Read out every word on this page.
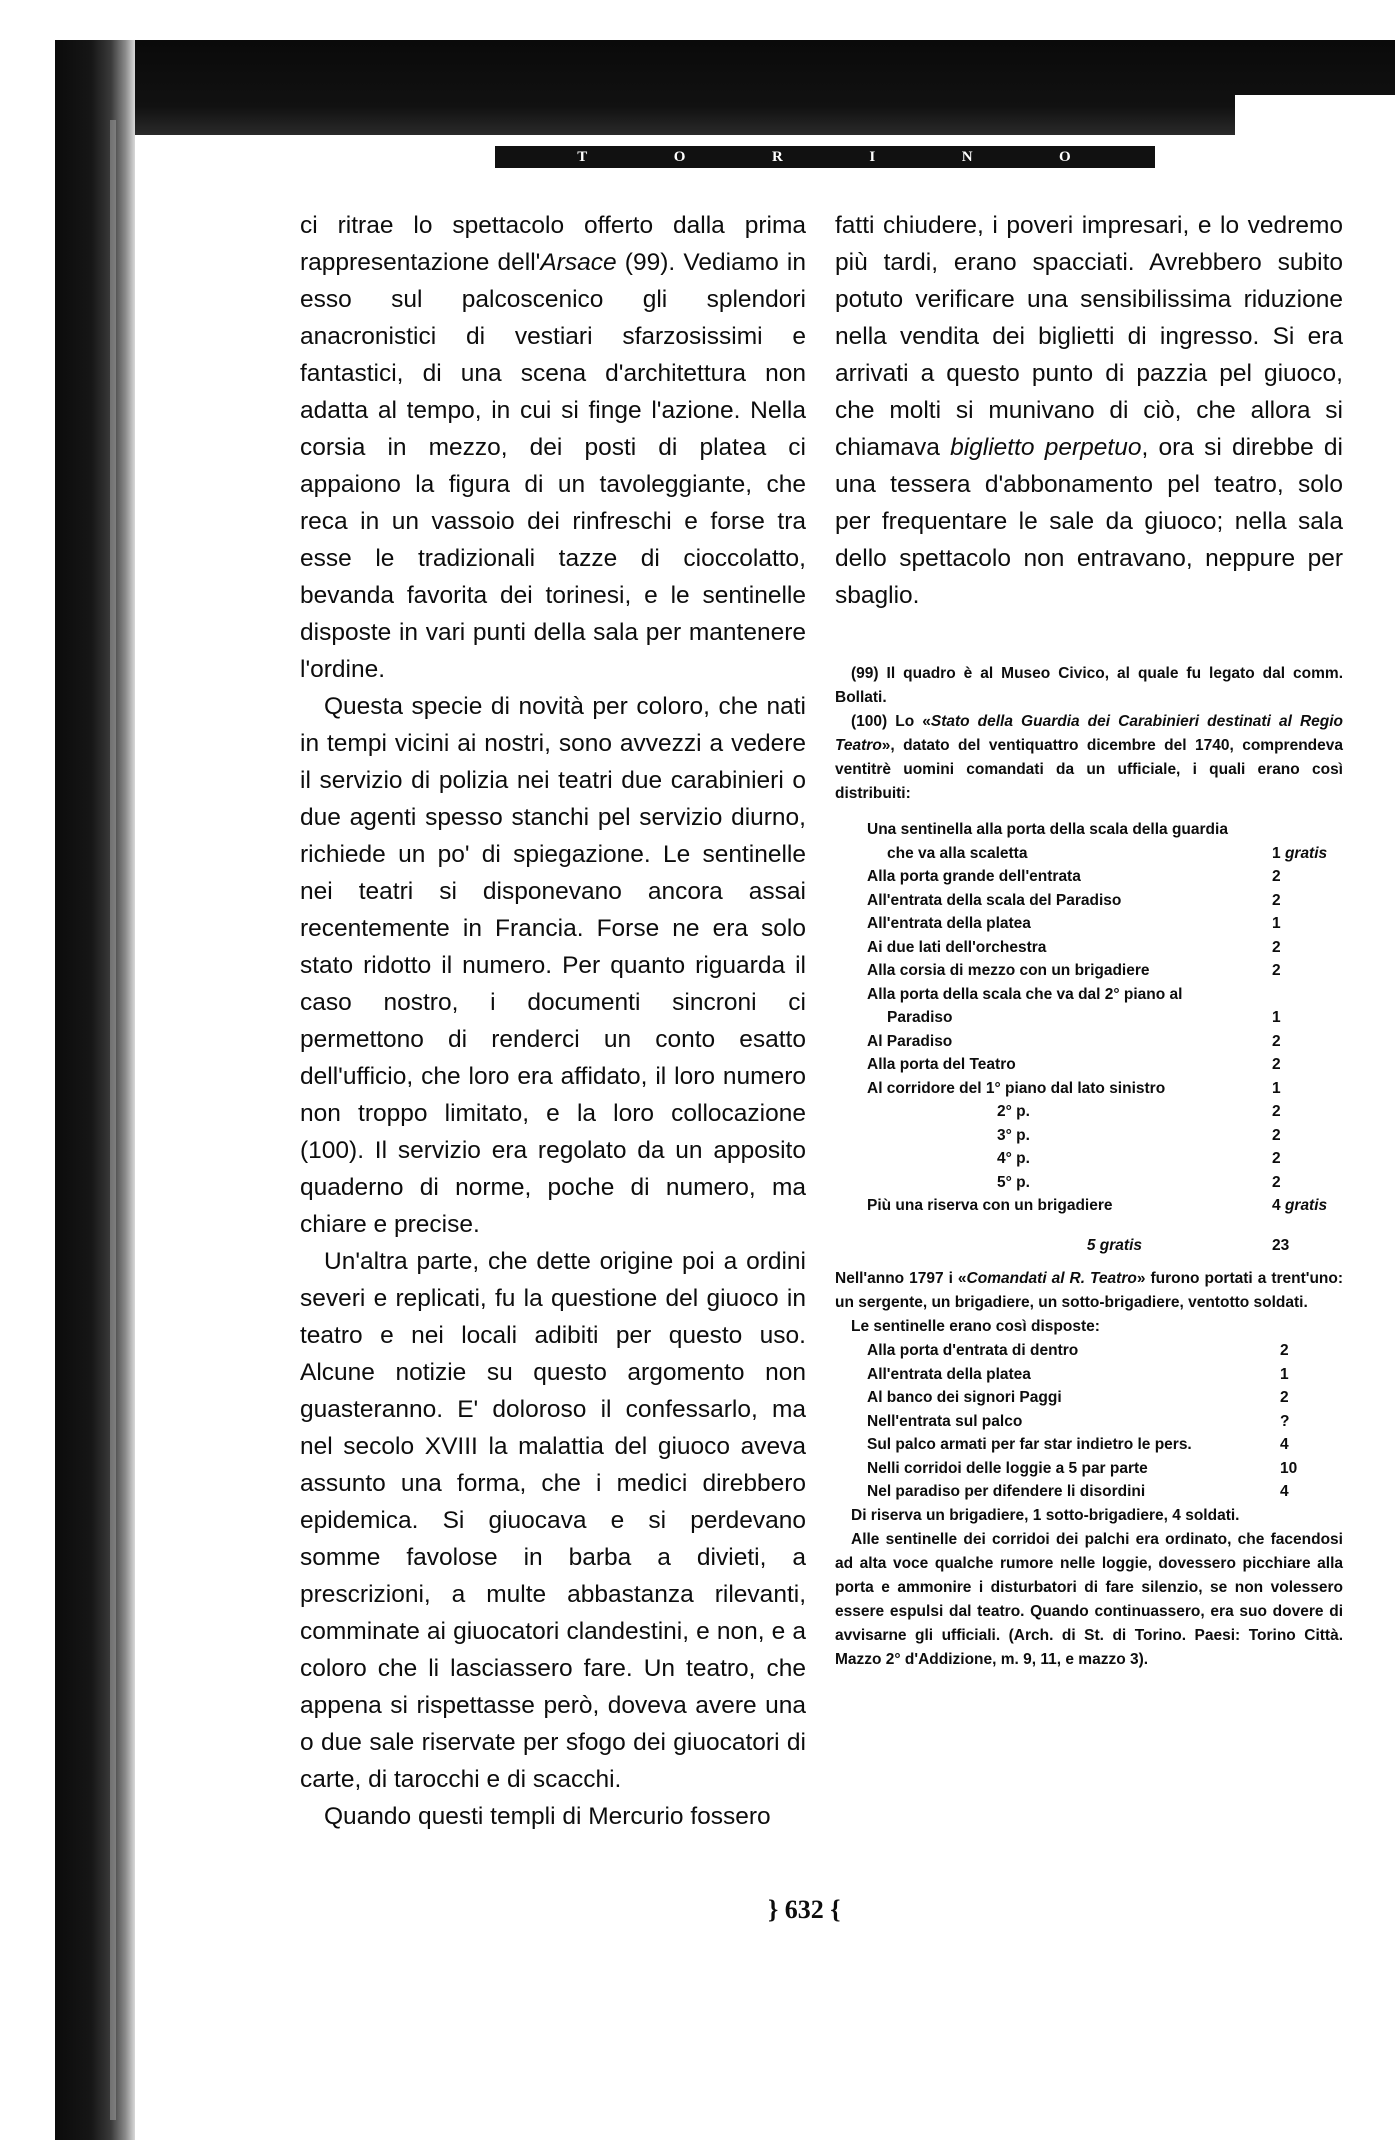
T	O	R	I	N	O

ci ritrae lo spettacolo offerto dalla prima rappresentazione dell'Arsace (99). Vediamo in esso sul palcoscenico gli splendori anacronistici di vestiari sfarzosissimi e fantastici, di una scena d'architettura non adatta al tempo, in cui si finge l'azione. Nella corsia in mezzo, dei posti di platea ci appaiono la figura di un tavoleggiante, che reca in un vassoio dei rinfreschi e forse tra esse le tradizionali tazze di cioccolatto, bevanda favorita dei torinesi, e le sentinelle disposte in vari punti della sala per mantenere l'ordine.

Questa specie di novità per coloro, che nati in tempi vicini ai nostri, sono avvezzi a vedere il servizio di polizia nei teatri due carabinieri o due agenti spesso stanchi pel servizio diurno, richiede un po' di spiegazione. Le sentinelle nei teatri si disponevano ancora assai recentemente in Francia. Forse ne era solo stato ridotto il numero. Per quanto riguarda il caso nostro, i documenti sincroni ci permettono di renderci un conto esatto dell'ufficio, che loro era affidato, il loro numero non troppo limitato, e la loro collocazione (100). Il servizio era regolato da un apposito quaderno di norme, poche di numero, ma chiare e precise.

Un'altra parte, che dette origine poi a ordini severi e replicati, fu la questione del giuoco in teatro e nei locali adibiti per questo uso. Alcune notizie su questo argomento non guasteranno. E' doloroso il confessarlo, ma nel secolo XVIII la malattia del giuoco aveva assunto una forma, che i medici direbbero epidemica. Si giuocava e si perdevano somme favolose in barba a divieti, a prescrizioni, a multe abbastanza rilevanti, comminate ai giuocatori clandestini, e non, e a coloro che li lasciassero fare. Un teatro, che appena si rispettasse però, doveva avere una o due sale riservate per sfogo dei giuocatori di carte, di tarocchi e di scacchi.

Quando questi templi di Mercurio fossero

fatti chiudere, i poveri impresari, e lo vedremo più tardi, erano spacciati. Avrebbero subito potuto verificare una sensibilissima riduzione nella vendita dei biglietti di ingresso. Si era arrivati a questo punto di pazzia pel giuoco, che molti si munivano di ciò, che allora si chiamava biglietto perpetuo, ora si direbbe di una tessera d'abbonamento pel teatro, solo per frequentare le sale da giuoco; nella sala dello spettacolo non entravano, neppure per sbaglio.

(99) Il quadro è al Museo Civico, al quale fu legato dal comm. Bollati.

(100) Lo «Stato della Guardia dei Carabinieri destinati al Regio Teatro», datato del ventiquattro dicembre del 1740, comprendeva ventitrè uomini comandati da un ufficiale, i quali erano così distribuiti:

Una sentinella alla porta della scala della guardia
che va alla scaletta	1 gratis
Alla porta grande dell'entrata	2
All'entrata della scala del Paradiso	2
All'entrata della platea	1
Ai due lati dell'orchestra	2
Alla corsia di mezzo con un brigadiere	2
Alla porta della scala che va dal 2° piano al
Paradiso	1
Al Paradiso	2
Alla porta del Teatro	2
Al corridore del 1° piano dal lato sinistro	1
2° p.	2
3° p.	2
4° p.	2
5° p.	2
Più una riserva con un brigadiere	4 gratis
5 gratis	23

Nell'anno 1797 i «Comandati al R. Teatro» furono portati a trent'uno: un sergente, un brigadiere, un sotto-brigadiere, ventotto soldati.

Le sentinelle erano così disposte:

Alla porta d'entrata di dentro	2
All'entrata della platea	1
Al banco dei signori Paggi	2
Nell'entrata sul palco	?
Sul palco armati per far star indietro le pers.	4
Nelli corridoi delle loggie a 5 par parte	10
Nel paradiso per difendere li disordini	4

Di riserva un brigadiere, 1 sotto-brigadiere, 4 soldati.

Alle sentinelle dei corridoi dei palchi era ordinato, che facendosi ad alta voce qualche rumore nelle loggie, dovessero picchiare alla porta e ammonire i disturbatori di fare silenzio, se non volessero essere espulsi dal teatro. Quando continuassero, era suo dovere di avvisarne gli ufficiali. (Arch. di St. di Torino. Paesi: Torino Città. Mazzo 2° d'Addizione, m. 9, 11, e mazzo 3).

} 632 {
